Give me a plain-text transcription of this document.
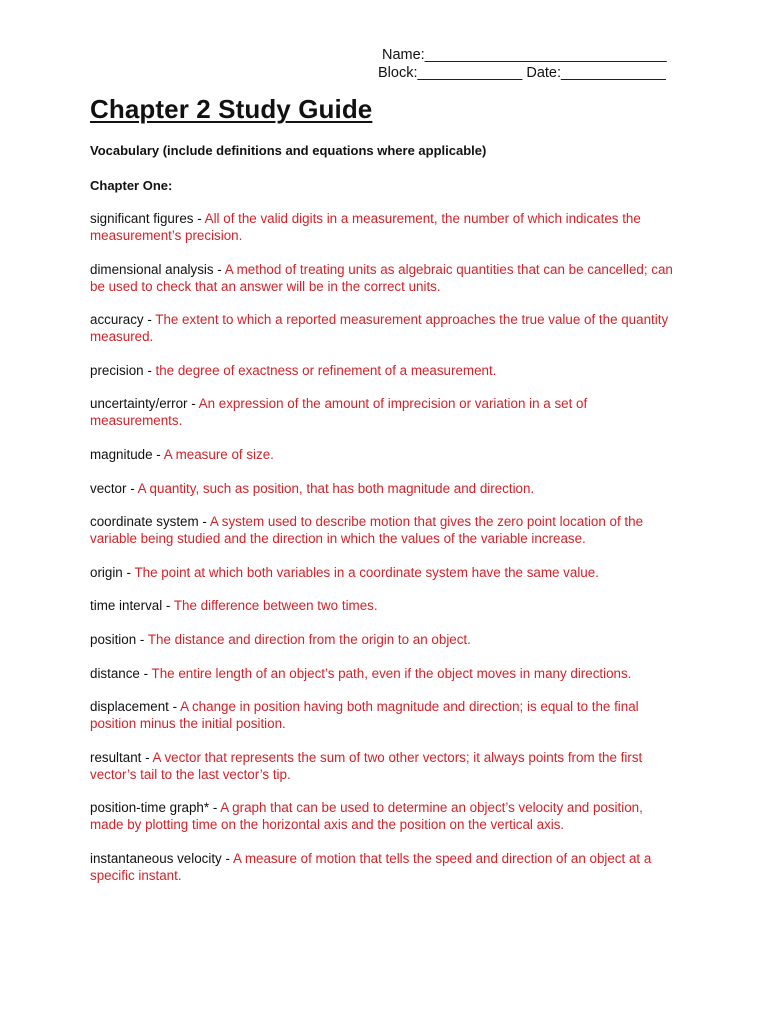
Name:______________________________
Block:_____________ Date:_____________
Chapter 2 Study Guide
Vocabulary (include definitions and equations where applicable)
Chapter One:

significant figures - All of the valid digits in a measurement, the number of which indicates the measurement’s precision.

dimensional analysis - A method of treating units as algebraic quantities that can be cancelled; can be used to check that an answer will be in the correct units.

accuracy - The extent to which a reported measurement approaches the true value of the quantity measured.

precision - the degree of exactness or refinement of a measurement.

uncertainty/error - An expression of the amount of imprecision or variation in a set of measurements.

magnitude - A measure of size.

vector - A quantity, such as position, that has both magnitude and direction.

coordinate system - A system used to describe motion that gives the zero point location of the variable being studied and the direction in which the values of the variable increase.

origin - The point at which both variables in a coordinate system have the same value.

time interval - The difference between two times.

position - The distance and direction from the origin to an object.

distance - The entire length of an object’s path, even if the object moves in many directions.

displacement - A change in position having both magnitude and direction; is equal to the final position minus the initial position.

resultant - A vector that represents the sum of two other vectors; it always points from the first vector’s tail to the last vector’s tip.

position-time graph* - A graph that can be used to determine an object’s velocity and position, made by plotting time on the horizontal axis and the position on the vertical axis.

instantaneous velocity - A measure of motion that tells the speed and direction of an object at a specific instant.
